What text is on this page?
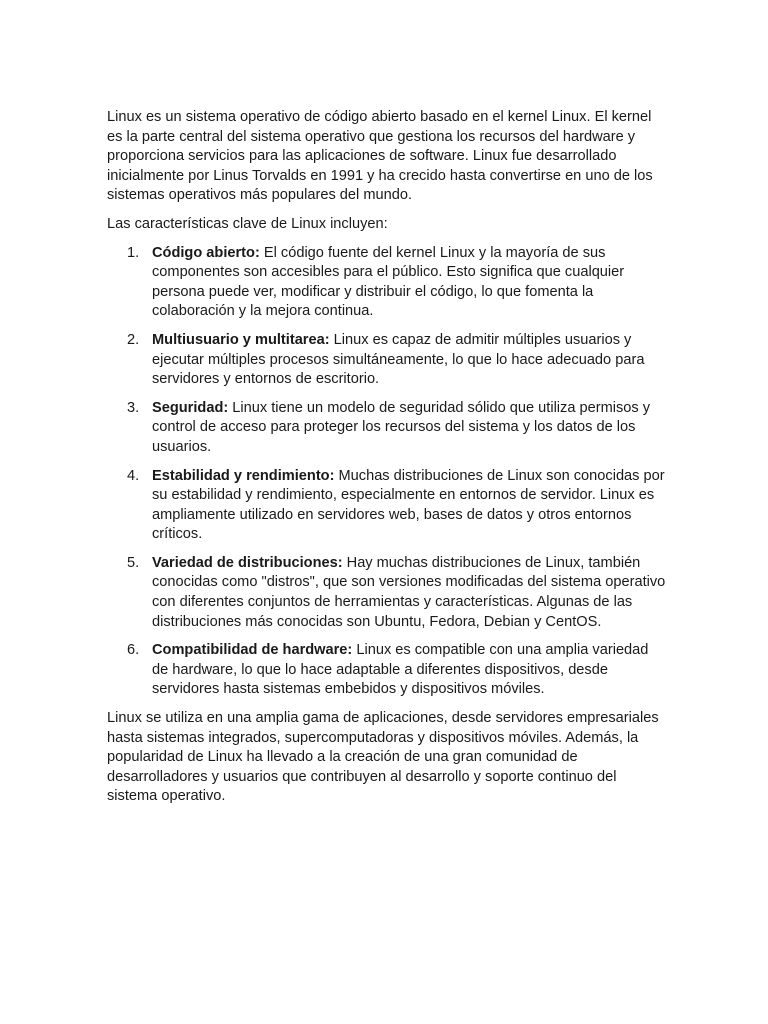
Linux es un sistema operativo de código abierto basado en el kernel Linux. El kernel es la parte central del sistema operativo que gestiona los recursos del hardware y proporciona servicios para las aplicaciones de software. Linux fue desarrollado inicialmente por Linus Torvalds en 1991 y ha crecido hasta convertirse en uno de los sistemas operativos más populares del mundo.

Las características clave de Linux incluyen:

1. Código abierto: El código fuente del kernel Linux y la mayoría de sus componentes son accesibles para el público. Esto significa que cualquier persona puede ver, modificar y distribuir el código, lo que fomenta la colaboración y la mejora continua.
2. Multiusuario y multitarea: Linux es capaz de admitir múltiples usuarios y ejecutar múltiples procesos simultáneamente, lo que lo hace adecuado para servidores y entornos de escritorio.
3. Seguridad: Linux tiene un modelo de seguridad sólido que utiliza permisos y control de acceso para proteger los recursos del sistema y los datos de los usuarios.
4. Estabilidad y rendimiento: Muchas distribuciones de Linux son conocidas por su estabilidad y rendimiento, especialmente en entornos de servidor. Linux es ampliamente utilizado en servidores web, bases de datos y otros entornos críticos.
5. Variedad de distribuciones: Hay muchas distribuciones de Linux, también conocidas como "distros", que son versiones modificadas del sistema operativo con diferentes conjuntos de herramientas y características. Algunas de las distribuciones más conocidas son Ubuntu, Fedora, Debian y CentOS.
6. Compatibilidad de hardware: Linux es compatible con una amplia variedad de hardware, lo que lo hace adaptable a diferentes dispositivos, desde servidores hasta sistemas embebidos y dispositivos móviles.

Linux se utiliza en una amplia gama de aplicaciones, desde servidores empresariales hasta sistemas integrados, supercomputadoras y dispositivos móviles. Además, la popularidad de Linux ha llevado a la creación de una gran comunidad de desarrolladores y usuarios que contribuyen al desarrollo y soporte continuo del sistema operativo.
